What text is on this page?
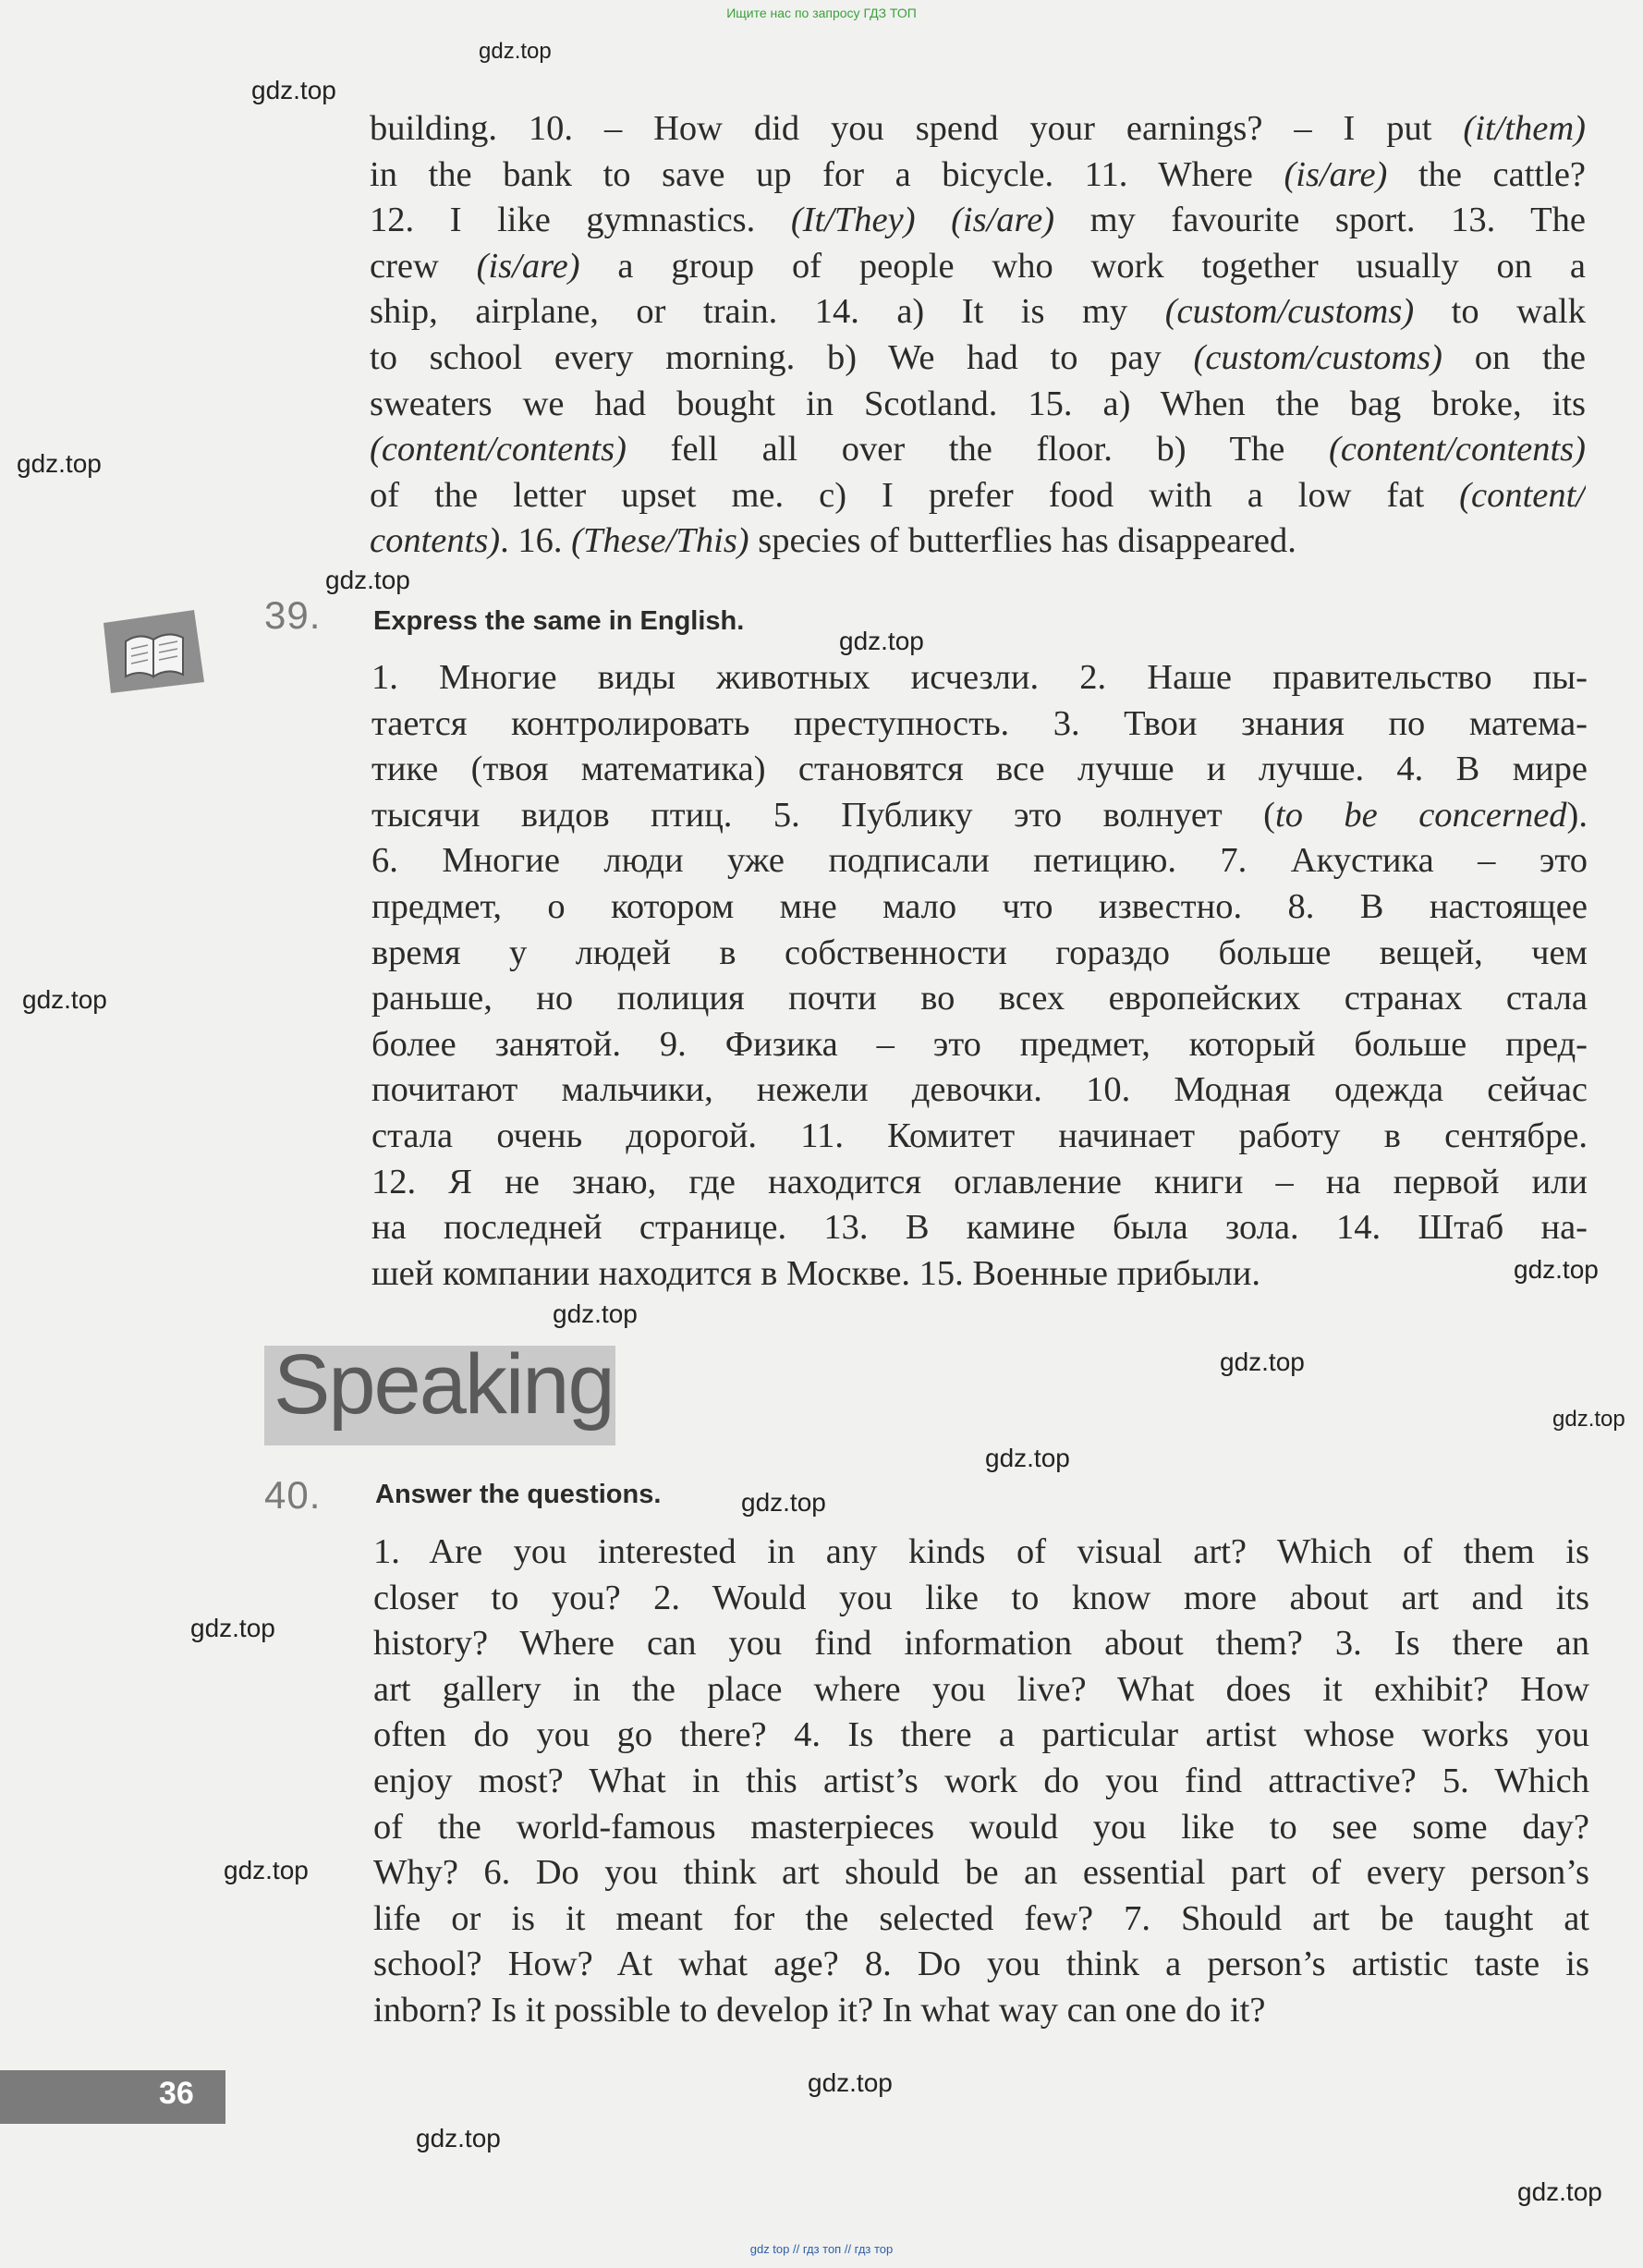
Ищите нас по запросу ГДЗ ТОП
building. 10. – How did you spend your earnings? – I put (it/them)
in the bank to save up for a bicycle. 11. Where (is/are) the cattle?
12. I like gymnastics. (It/They) (is/are) my favourite sport. 13. The
crew (is/are) a group of people who work together usually on a
ship, airplane, or train. 14. a) It is my (custom/customs) to walk
to school every morning. b) We had to pay (custom/customs) on the
sweaters we had bought in Scotland. 15. a) When the bag broke, its
(content/contents) fell all over the floor. b) The (content/contents)
of the letter upset me. c) I prefer food with a low fat (content/
contents). 16. (These/This) species of butterflies has disappeared.
39. Express the same in English.
1. Многие виды животных исчезли. 2. Наше правительство пы-
тается контролировать преступность. 3. Твои знания по матема-
тике (твоя математика) становятся все лучше и лучше. 4. В мире
тысячи видов птиц. 5. Публику это волнует (to be concerned).
6. Многие люди уже подписали петицию. 7. Акустика – это
предмет, о котором мне мало что известно. 8. В настоящее
время у людей в собственности гораздо больше вещей, чем
раньше, но полиция почти во всех европейских странах стала
более занятой. 9. Физика – это предмет, который больше пред-
почитают мальчики, нежели девочки. 10. Модная одежда сейчас
стала очень дорогой. 11. Комитет начинает работу в сентябре.
12. Я не знаю, где находится оглавление книги – на первой или
на последней странице. 13. В камине была зола. 14. Штаб на-
шей компании находится в Москве. 15. Военные прибыли.
Speaking
40. Answer the questions.
1. Are you interested in any kinds of visual art? Which of them is
closer to you? 2. Would you like to know more about art and its
history? Where can you find information about them? 3. Is there an
art gallery in the place where you live? What does it exhibit? How
often do you go there? 4. Is there a particular artist whose works you
enjoy most? What in this artist’s work do you find attractive? 5. Which
of the world-famous masterpieces would you like to see some day?
Why? 6. Do you think art should be an essential part of every person’s
life or is it meant for the selected few? 7. Should art be taught at
school? How? At what age? 8. Do you think a person’s artistic taste is
inborn? Is it possible to develop it? In what way can one do it?
36
gdz.top
gdz.top
gdz.top
gdz.top
gdz.top
gdz.top
gdz.top
gdz.top
gdz.top
gdz.top
gdz.top
gdz.top
gdz.top
gdz.top
gdz.top
gdz.top
gdz.top
gdz top // гдз топ // гдз тор
